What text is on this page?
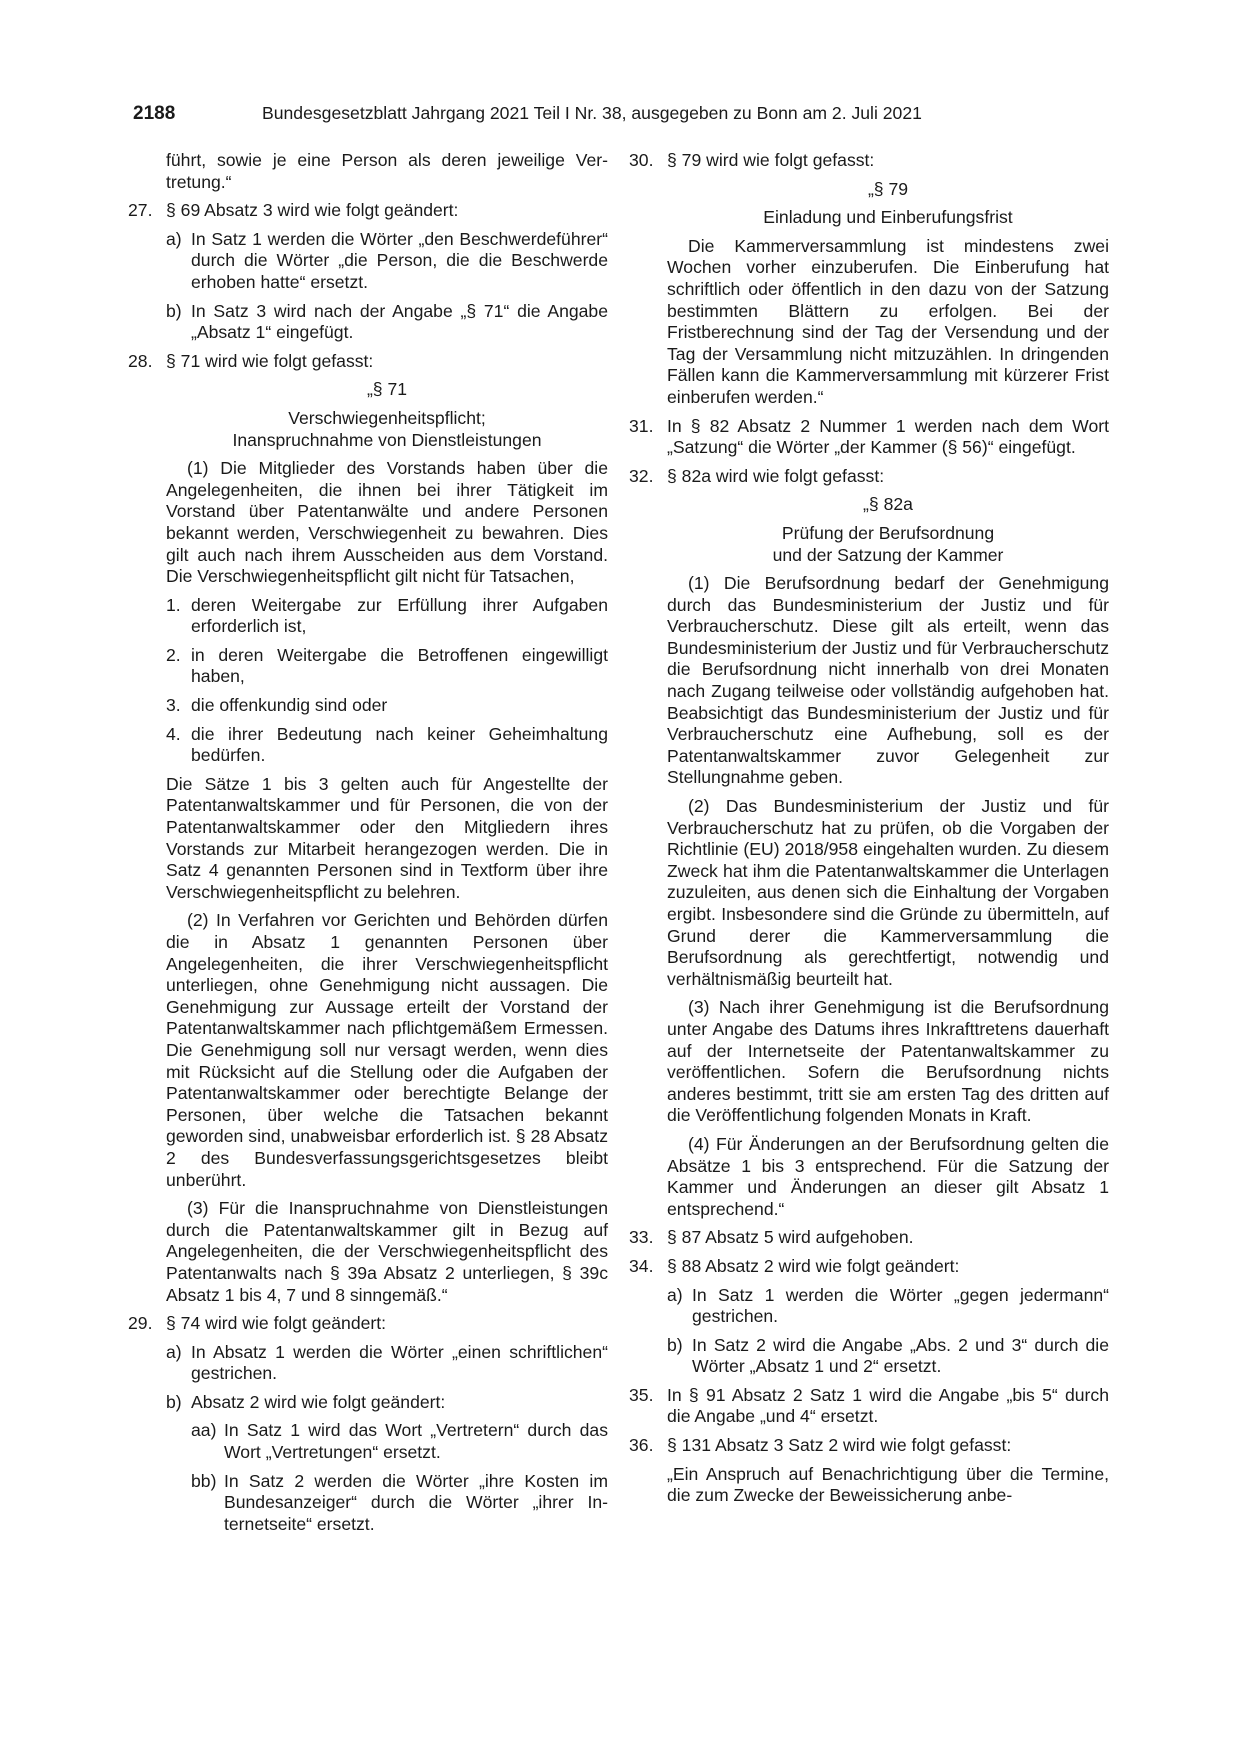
2188	Bundesgesetzblatt Jahrgang 2021 Teil I Nr. 38, ausgegeben zu Bonn am 2. Juli 2021
führt, sowie je eine Person als deren jeweilige Vertretung.“
27. § 69 Absatz 3 wird wie folgt geändert:
a) In Satz 1 werden die Wörter „den Beschwerdeführer“ durch die Wörter „die Person, die die Beschwerde erhoben hatte“ ersetzt.
b) In Satz 3 wird nach der Angabe „§ 71“ die Angabe „Absatz 1“ eingefügt.
28. § 71 wird wie folgt gefasst:
„§ 71
Verschwiegenheitspflicht;
Inanspruchnahme von Dienstleistungen
(1) Die Mitglieder des Vorstands haben über die Angelegenheiten, die ihnen bei ihrer Tätigkeit im Vorstand über Patentanwälte und andere Personen bekannt werden, Verschwiegenheit zu bewahren. Dies gilt auch nach ihrem Ausscheiden aus dem Vorstand. Die Verschwiegenheitspflicht gilt nicht für Tatsachen,
1. deren Weitergabe zur Erfüllung ihrer Aufgaben erforderlich ist,
2. in deren Weitergabe die Betroffenen eingewilligt haben,
3. die offenkundig sind oder
4. die ihrer Bedeutung nach keiner Geheimhaltung bedürfen.
Die Sätze 1 bis 3 gelten auch für Angestellte der Patentanwaltskammer und für Personen, die von der Patentanwaltskammer oder den Mitgliedern ihres Vorstands zur Mitarbeit herangezogen werden. Die in Satz 4 genannten Personen sind in Textform über ihre Verschwiegenheitspflicht zu belehren.
(2) In Verfahren vor Gerichten und Behörden dürfen die in Absatz 1 genannten Personen über Angelegenheiten, die ihrer Verschwiegenheitspflicht unterliegen, ohne Genehmigung nicht aussagen. Die Genehmigung zur Aussage erteilt der Vorstand der Patentanwaltskammer nach pflichtgemäßem Ermessen. Die Genehmigung soll nur versagt werden, wenn dies mit Rücksicht auf die Stellung oder die Aufgaben der Patentanwaltskammer oder berechtigte Belange der Personen, über welche die Tatsachen bekannt geworden sind, unabweisbar erforderlich ist. § 28 Absatz 2 des Bundesverfassungsgerichtsgesetzes bleibt unberührt.
(3) Für die Inanspruchnahme von Dienstleistungen durch die Patentanwaltskammer gilt in Bezug auf Angelegenheiten, die der Verschwiegenheitspflicht des Patentanwalts nach § 39a Absatz 2 unterliegen, § 39c Absatz 1 bis 4, 7 und 8 sinngemäß.“
29. § 74 wird wie folgt geändert:
a) In Absatz 1 werden die Wörter „einen schriftlichen“ gestrichen.
b) Absatz 2 wird wie folgt geändert:
aa) In Satz 1 wird das Wort „Vertretern“ durch das Wort „Vertretungen“ ersetzt.
bb) In Satz 2 werden die Wörter „ihre Kosten im Bundesanzeiger“ durch die Wörter „ihrer Internetseite“ ersetzt.
30. § 79 wird wie folgt gefasst:
„§ 79
Einladung und Einberufungsfrist
Die Kammerversammlung ist mindestens zwei Wochen vorher einzuberufen. Die Einberufung hat schriftlich oder öffentlich in den dazu von der Satzung bestimmten Blättern zu erfolgen. Bei der Fristberechnung sind der Tag der Versendung und der Tag der Versammlung nicht mitzuzählen. In dringenden Fällen kann die Kammerversammlung mit kürzerer Frist einberufen werden.“
31. In § 82 Absatz 2 Nummer 1 werden nach dem Wort „Satzung“ die Wörter „der Kammer (§ 56)“ eingefügt.
32. § 82a wird wie folgt gefasst:
„§ 82a
Prüfung der Berufsordnung
und der Satzung der Kammer
(1) Die Berufsordnung bedarf der Genehmigung durch das Bundesministerium der Justiz und für Verbraucherschutz. Diese gilt als erteilt, wenn das Bundesministerium der Justiz und für Verbraucherschutz die Berufsordnung nicht innerhalb von drei Monaten nach Zugang teilweise oder vollständig aufgehoben hat. Beabsichtigt das Bundesministerium der Justiz und für Verbraucherschutz eine Aufhebung, soll es der Patentanwaltskammer zuvor Gelegenheit zur Stellungnahme geben.
(2) Das Bundesministerium der Justiz und für Verbraucherschutz hat zu prüfen, ob die Vorgaben der Richtlinie (EU) 2018/958 eingehalten wurden. Zu diesem Zweck hat ihm die Patentanwaltskammer die Unterlagen zuzuleiten, aus denen sich die Einhaltung der Vorgaben ergibt. Insbesondere sind die Gründe zu übermitteln, auf Grund derer die Kammerversammlung die Berufsordnung als gerechtfertigt, notwendig und verhältnismäßig beurteilt hat.
(3) Nach ihrer Genehmigung ist die Berufsordnung unter Angabe des Datums ihres Inkrafttretens dauerhaft auf der Internetseite der Patentanwaltskammer zu veröffentlichen. Sofern die Berufsordnung nichts anderes bestimmt, tritt sie am ersten Tag des dritten auf die Veröffentlichung folgenden Monats in Kraft.
(4) Für Änderungen an der Berufsordnung gelten die Absätze 1 bis 3 entsprechend. Für die Satzung der Kammer und Änderungen an dieser gilt Absatz 1 entsprechend.“
33. § 87 Absatz 5 wird aufgehoben.
34. § 88 Absatz 2 wird wie folgt geändert:
a) In Satz 1 werden die Wörter „gegen jedermann“ gestrichen.
b) In Satz 2 wird die Angabe „Abs. 2 und 3“ durch die Wörter „Absatz 1 und 2“ ersetzt.
35. In § 91 Absatz 2 Satz 1 wird die Angabe „bis 5“ durch die Angabe „und 4“ ersetzt.
36. § 131 Absatz 3 Satz 2 wird wie folgt gefasst:
„Ein Anspruch auf Benachrichtigung über die Termine, die zum Zwecke der Beweissicherung anbe-
